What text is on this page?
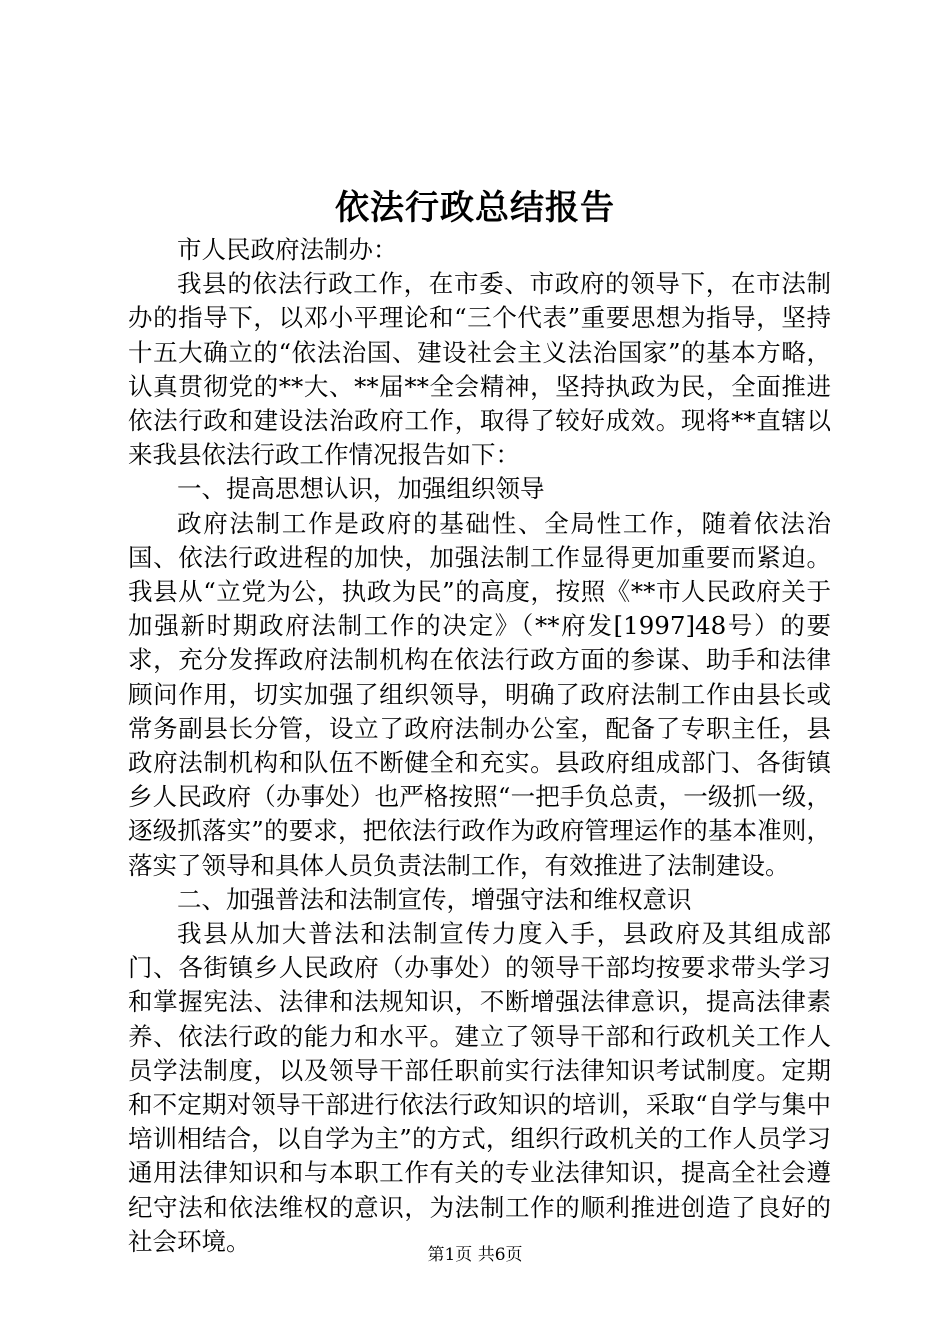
依法行政总结报告

市人民政府法制办：

我县的依法行政工作，在市委、市政府的领导下，在市法制办的指导下，以邓小平理论和“三个代表”重要思想为指导，坚持十五大确立的“依法治国、建设社会主义法治国家”的基本方略，认真贯彻党的**大、**届**全会精神，坚持执政为民，全面推进依法行政和建设法治政府工作，取得了较好成效。现将**直辖以来我县依法行政工作情况报告如下：

一、提高思想认识，加强组织领导

政府法制工作是政府的基础性、全局性工作，随着依法治国、依法行政进程的加快，加强法制工作显得更加重要而紧迫。我县从“立党为公，执政为民”的高度，按照《**市人民政府关于加强新时期政府法制工作的决定》（**府发[1997]48号）的要求，充分发挥政府法制机构在依法行政方面的参谋、助手和法律顾问作用，切实加强了组织领导，明确了政府法制工作由县长或常务副县长分管，设立了政府法制办公室，配备了专职主任，县政府法制机构和队伍不断健全和充实。县政府组成部门、各街镇乡人民政府（办事处）也严格按照“一把手负总责，一级抓一级，逐级抓落实”的要求，把依法行政作为政府管理运作的基本准则，落实了领导和具体人员负责法制工作，有效推进了法制建设。

二、加强普法和法制宣传，增强守法和维权意识

我县从加大普法和法制宣传力度入手，县政府及其组成部门、各街镇乡人民政府（办事处）的领导干部均按要求带头学习和掌握宪法、法律和法规知识，不断增强法律意识，提高法律素养、依法行政的能力和水平。建立了领导干部和行政机关工作人员学法制度，以及领导干部任职前实行法律知识考试制度。定期和不定期对领导干部进行依法行政知识的培训，采取“自学与集中培训相结合，以自学为主”的方式，组织行政机关的工作人员学习通用法律知识和与本职工作有关的专业法律知识，提高全社会遵纪守法和依法维权的意识，为法制工作的顺利推进创造了良好的社会环境。	第1页 共6页
